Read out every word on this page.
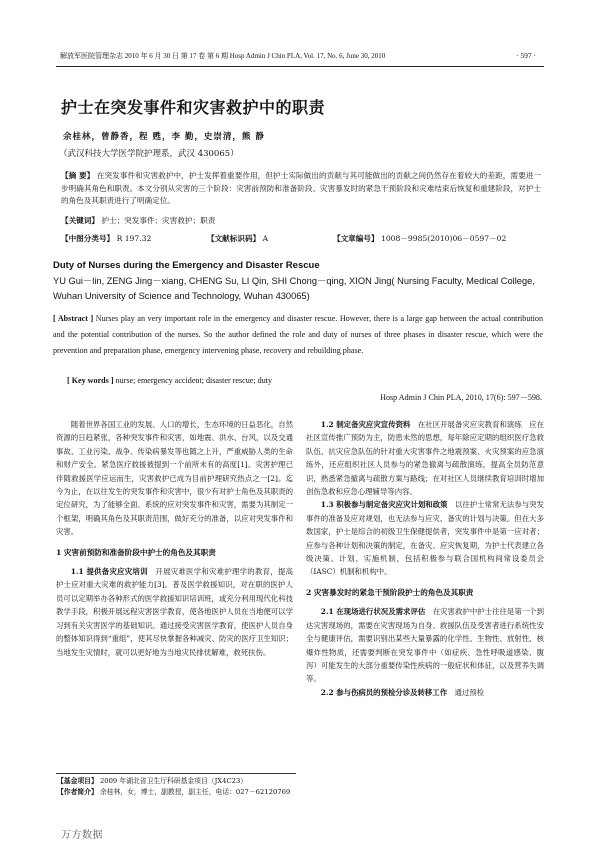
解放军医院管理杂志 2010 年 6 月 30 日 第 17 卷 第 6 期 Hosp Admin J Chin PLA, Vol. 17, No. 6, June 30, 2010	· 597 ·
护士在突发事件和灾害救护中的职责
余桂林，曾静香，程 甦，李 勤，史崇清，熊 静
（武汉科技大学医学院护理系，武汉 430065）
【摘 要】 在突发事件和灾害救护中，护士发挥着重要作用，但护士实际做出的贡献与其可能做出的贡献之间仍然存在着较大的差距，需要进一步明确其角色和职责。本文分别从灾害的三个阶段：灾害前预防和准备阶段、灾害暴发时的紧急干预阶段和灾难结束后恢复和重建阶段，对护士的角色及其职责进行了明确定位。
【关键词】 护士；突发事件；灾害救护；职责
【中图分类号】 R 197.32	【文献标识码】 A	【文章编号】 1008－9985(2010)06－0597－02
Duty of Nurses during the Emergency and Disaster Rescue
YU Gui－lin, ZENG Jing－xiang, CHENG Su, LI Qin, SHI Chong－qing, XION Jing( Nursing Faculty, Medical College, Wuhan University of Science and Technology, Wuhan 430065)
[ Abstract ] Nurses play an very important role in the emergency and disaster rescue. However, there is a large gap between the actual contribution and the potential contribution of the nurses. So the author defined the role and duty of nurses of three phases in disaster rescue, which were the prevention and preparation phase, emergency intervening phase, recovery and rebuilding phase.
[ Key words ] nurse; emergency accident; disaster rescue; duty
Hosp Admin J Chin PLA, 2010, 17(6): 597－598.

随着世界各国工业的发展、人口的增长，生态环境的日益恶化，自然资源的日趋紧张，各种突发事件和灾害，如地震、洪水、台风，以及交通事故、工业污染、战争、传染病暴发等也随之上升，严重威胁人类的生命和财产安全。紧急医疗救援被提到一个前所未有的高度[1]。灾害护理已伴随救援医学应运而生，灾害救护已成为目前护理研究热点之一[2]。迄今为止，在以往发生的突发事件和灾害中，很少有对护士角色及其职责的定位研究，为了能够全面、系统的应对突发事件和灾害，需要为其制定一个框架，明确其角色及其职责范围，做好充分的准备，以应对突发事件和灾害。

1 灾害前预防和准备阶段中护士的角色及其职责

1.1 提供备灾应灾培训　 开展灾难医学和灾难护理学的教育，提高护士应对重大灾难的救护能力[3]。普及医学救援知识，对在职的医护人员可以定期举办各种形式的医学救援知识培训班，或充分利用现代化科技教学手段，积极开展远程灾害医学教育，使各地医护人员在当地便可以学习到有关灾害医学的基础知识。通过接受灾害医学教育，使医护人员自身的整体知识得到“重组”，使其尽快掌握各种减灾、防灾的医疗卫生知识；当地发生灾情时，就可以更好地为当地灾民排忧解难，救死扶伤。

1.2 制定备灾应灾宣传资料　 在社区开展备灾应灾教育和演练　应在社区宣传推广预防为主，防患未然的思想，每年除应定期的组织医疗急救队伍、抗灾应急队伍的针对重大灾害事件之地震预案、火灾预案的应急演练外，还应组织社区人员参与的紧急撤离与疏散演练，提高全员防范意识，熟悉紧急撤离与疏散方案与路线；在对社区人员继续教育培训时增加创伤急救和应急心理辅导等内容。

1.3 积极参与制定备灾应灾计划和政策　 以往护士常常无法参与突发事件的准备及应对规划，也无法参与应灾、备灾的计划与决策。但在大多数国家，护士是综合的初级卫生保健提供者，突发事件中是第一应对者；应参与各种计划和决策的制定，在备灾、应灾恢复期，为护士代表建立各级决策、计划、实施机制，包括积极参与联合国机构间常设委员会（IASC）机制和机构中。

2 灾害暴发时的紧急干预阶段护士的角色及其职责

2.1 在现场进行状况及需求评估　 在灾害救护中护士往往是第一个到达灾害现场的，需要在灾害现场为自身、救援队伍及受害者进行系统性安全与健康评估，需要识别出某些大量暴露的化学性、生物性、放射性、核爆炸性物质，还需要判断在突发事件中（如症疾、急性呼吸道感染、腹泻）可能发生的大部分重要传染性疾病的一般症状和体征，以及营养失调等。

2.2 参与伤病员的预检分诊及转移工作　 通过预检

【基金项目】 2009 年湖北省卫生厅科研基金项目（JX4C23）
【作者简介】 余桂林，女，博士，副教授，副主任，电话：027－62120769
万方数据
